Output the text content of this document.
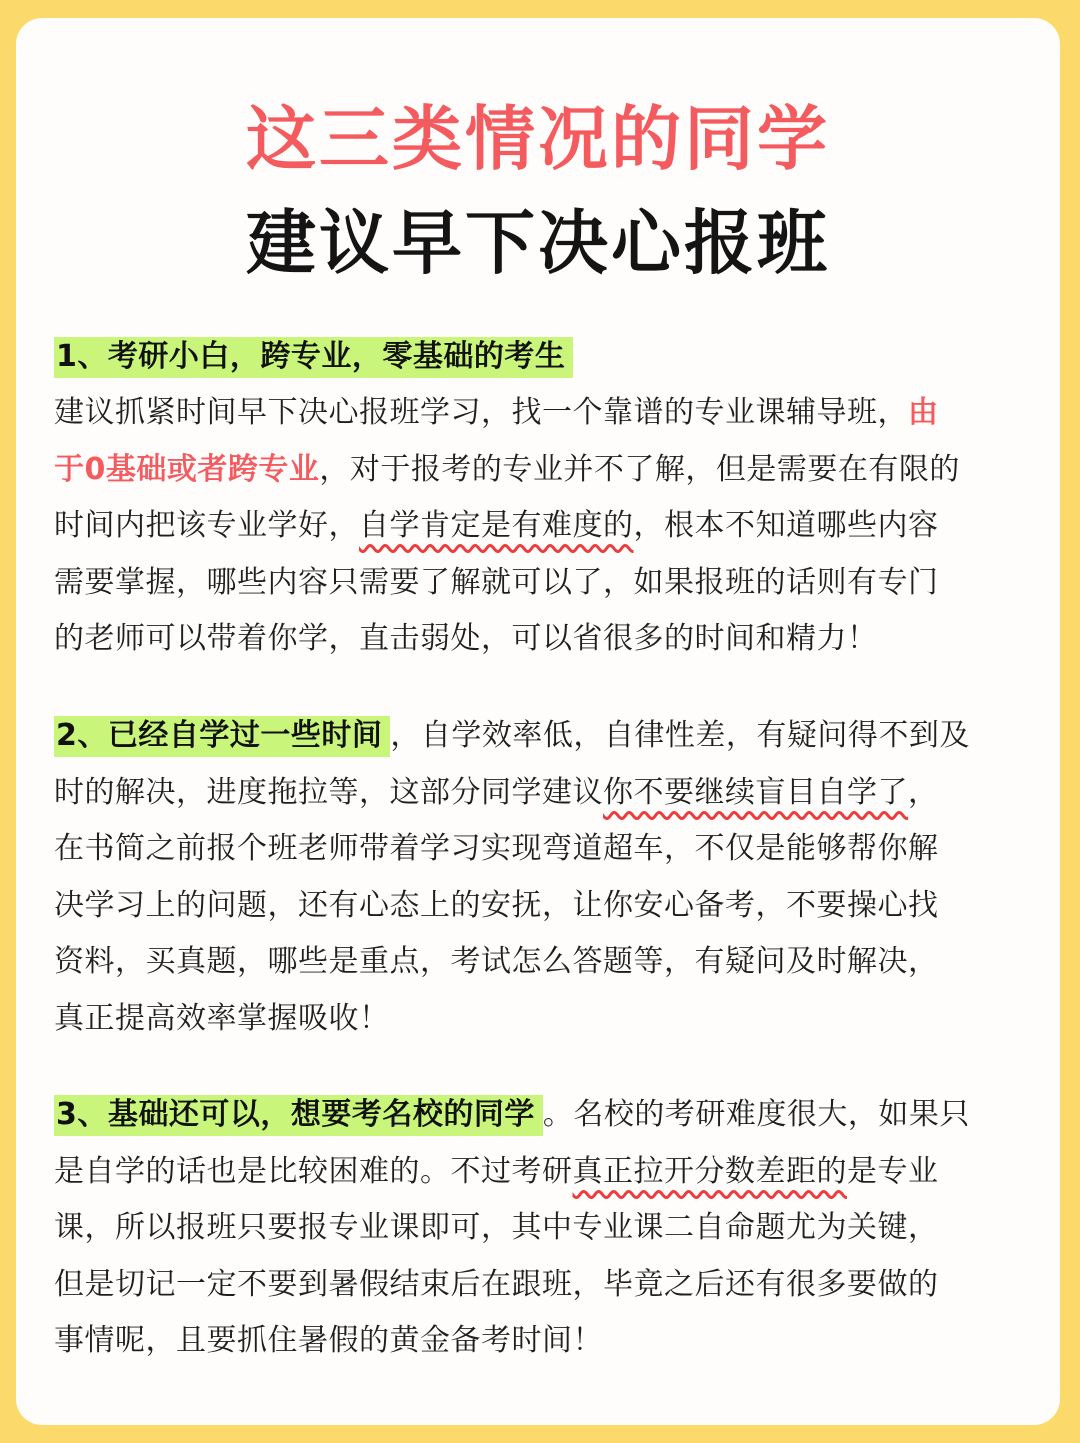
这三类情况的同学
建议早下决心报班
1、考研小白，跨专业，零基础的考生
建议抓紧时间早下决心报班学习，找一个靠谱的专业课辅导班，由
于0基础或者跨专业，对于报考的专业并不了解，但是需要在有限的
时间内把该专业学好，自学肯定是有难度的，根本不知道哪些内容
需要掌握，哪些内容只需要了解就可以了，如果报班的话则有专门
的老师可以带着你学，直击弱处，可以省很多的时间和精力！
2、已经自学过一些时间 ，自学效率低，自律性差，有疑问得不到及
时的解决，进度拖拉等，这部分同学建议你不要继续盲目自学了，
在书简之前报个班老师带着学习实现弯道超车，不仅是能够帮你解
决学习上的问题，还有心态上的安抚，让你安心备考，不要操心找
资料，买真题，哪些是重点，考试怎么答题等，有疑问及时解决，
真正提高效率掌握吸收！
3、基础还可以，想要考名校的同学 。名校的考研难度很大，如果只
是自学的话也是比较困难的。不过考研真正拉开分数差距的是专业
课，所以报班只要报专业课即可，其中专业课二自命题尤为关键，
但是切记一定不要到暑假结束后在跟班，毕竟之后还有很多要做的
事情呢，且要抓住暑假的黄金备考时间！
